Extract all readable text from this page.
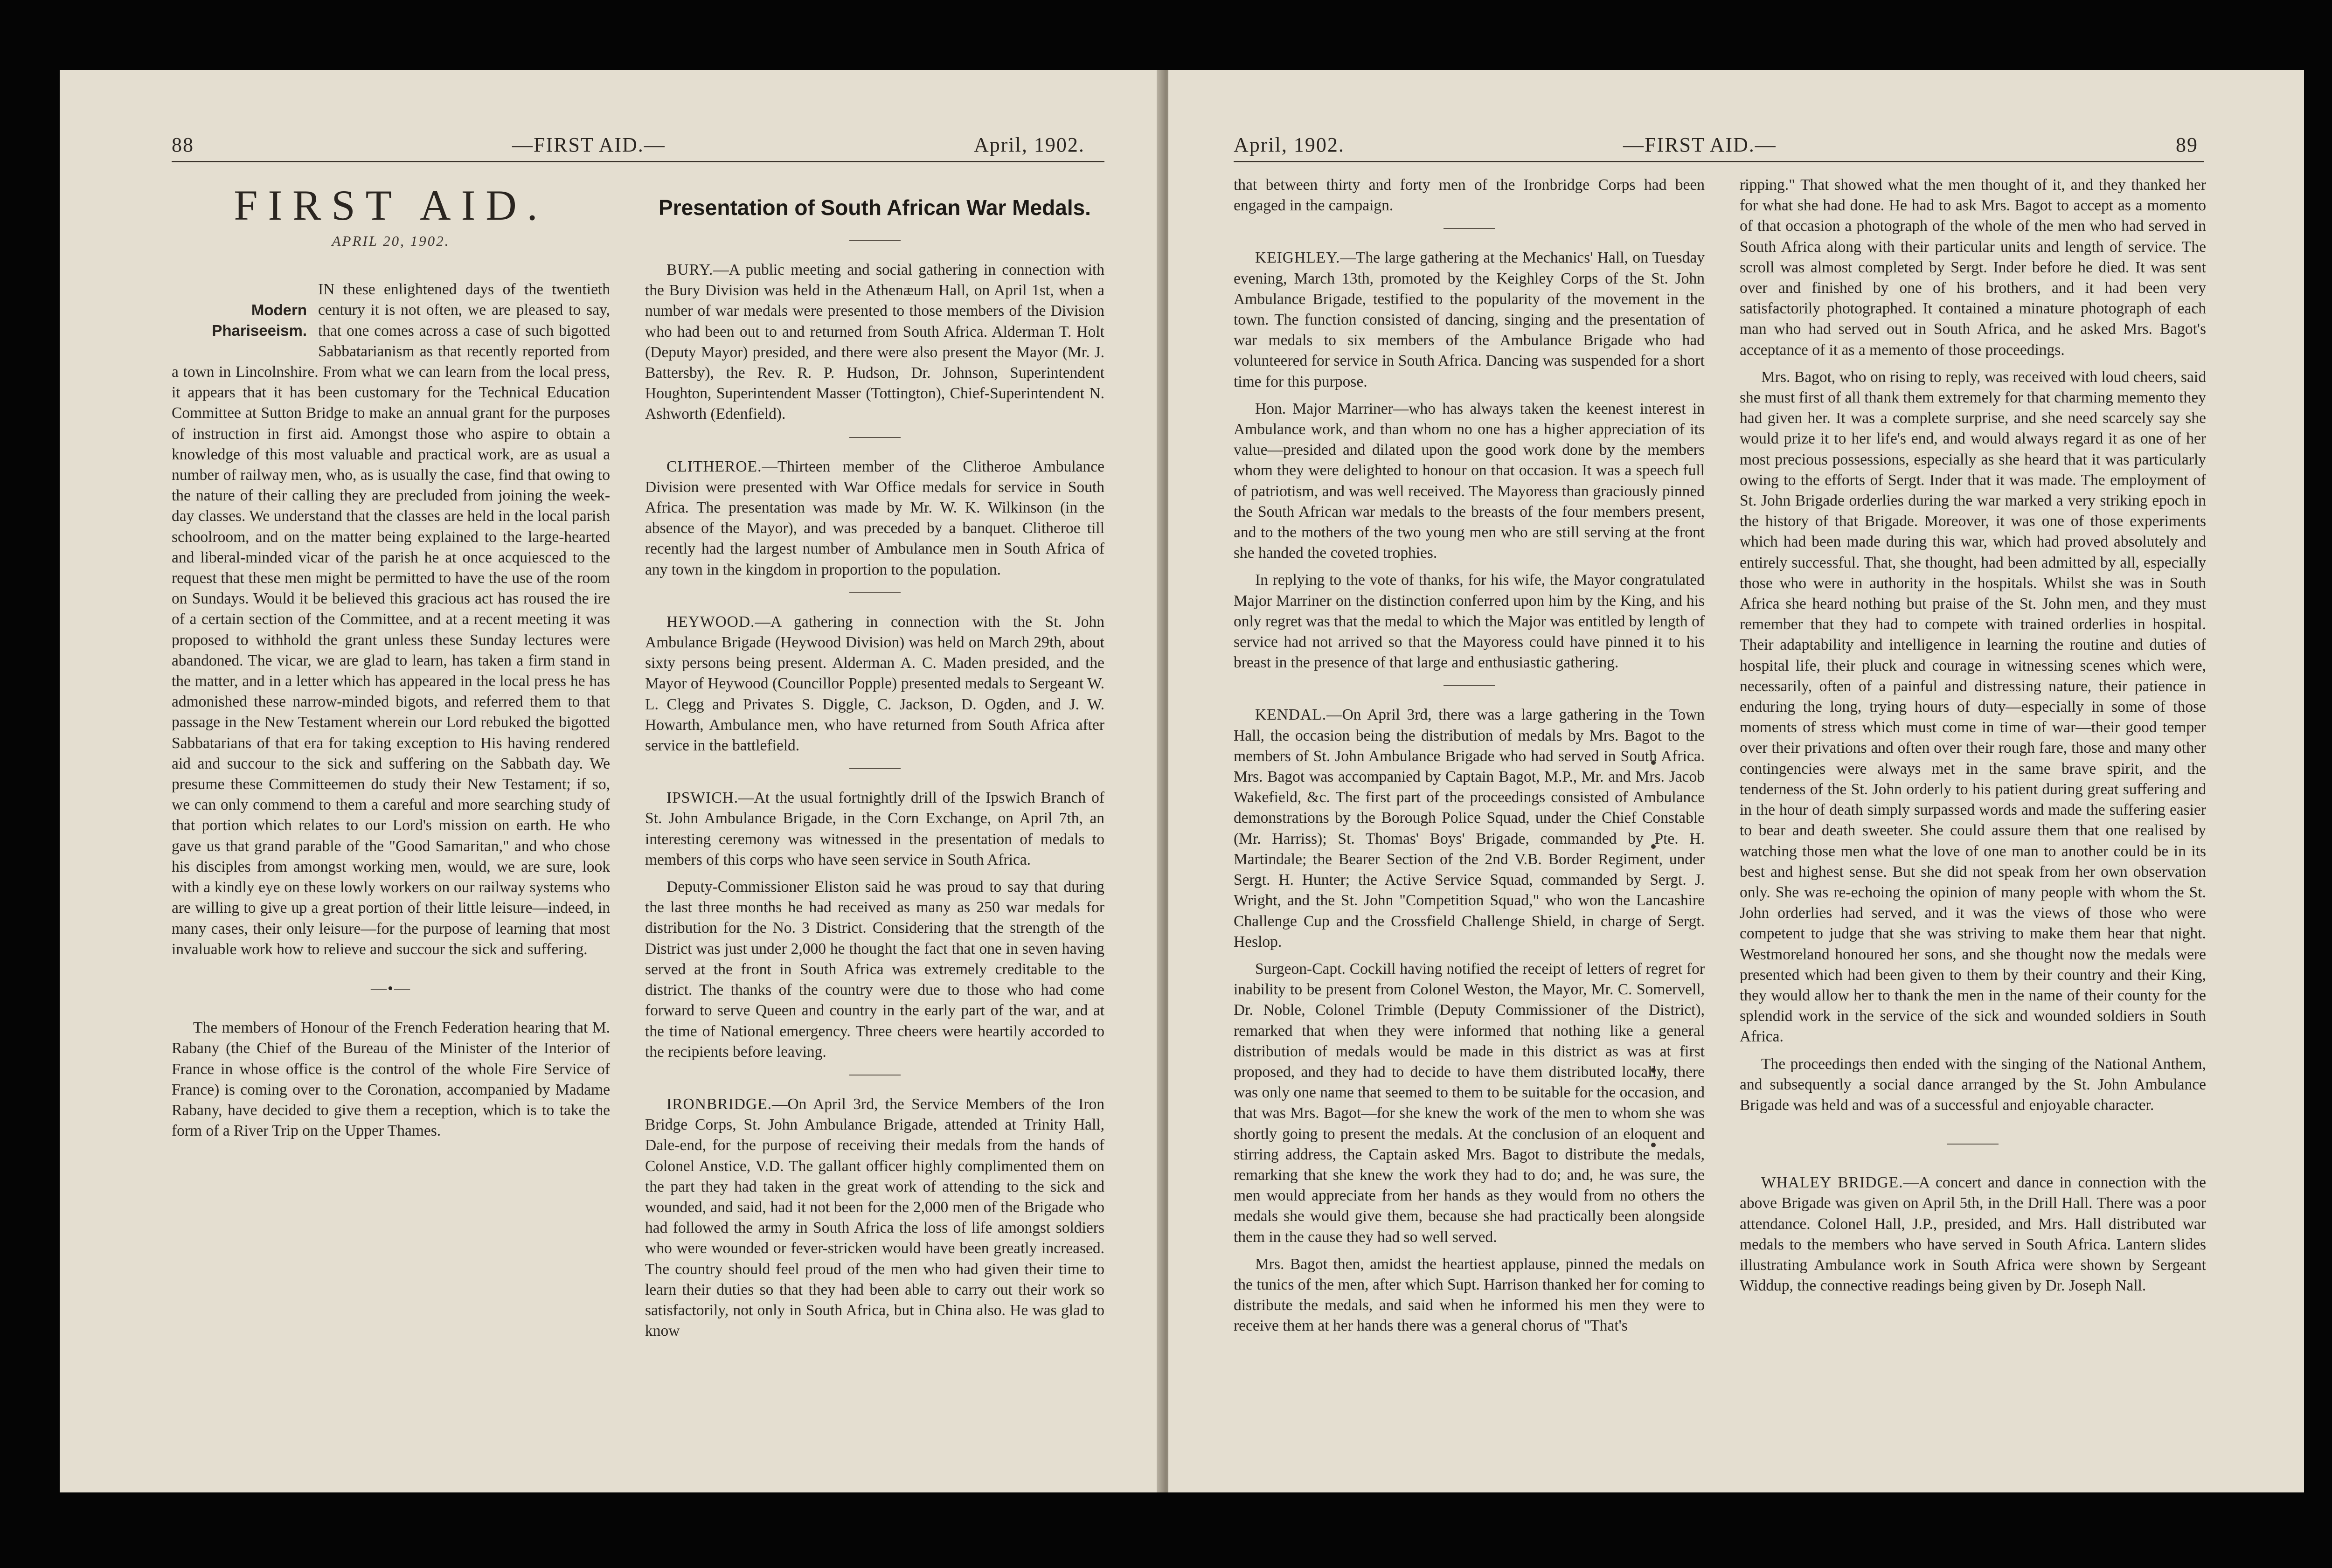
88	—FIRST AID.—	April, 1902.
FIRST AID.
APRIL 20, 1902.
Modern
Phariseeism.

IN these enlightened days of the twentieth century it is not often, we are pleased to say, that one comes across a case of such bigotted Sabbatarianism as that recently reported from a town in Lincolnshire. From what we can learn from the local press, it appears that it has been customary for the Technical Education Committee at Sutton Bridge to make an annual grant for the purposes of instruction in first aid. Amongst those who aspire to obtain a knowledge of this most valuable and practical work, are as usual a number of railway men, who, as is usually the case, find that owing to the nature of their calling they are precluded from joining the week-day classes. We understand that the classes are held in the local parish schoolroom, and on the matter being explained to the large-hearted and liberal-minded vicar of the parish he at once acquiesced to the request that these men might be permitted to have the use of the room on Sundays. Would it be believed this gracious act has roused the ire of a certain section of the Committee, and at a recent meeting it was proposed to withhold the grant unless these Sunday lectures were abandoned. The vicar, we are glad to learn, has taken a firm stand in the matter, and in a letter which has appeared in the local press he has admonished these narrow-minded bigots, and referred them to that passage in the New Testament wherein our Lord rebuked the bigotted Sabbatarians of that era for taking exception to His having rendered aid and succour to the sick and suffering on the Sabbath day. We presume these Committeemen do study their New Testament; if so, we can only commend to them a careful and more searching study of that portion which relates to our Lord's mission on earth. He who gave us that grand parable of the "Good Samaritan," and who chose his disciples from amongst working men, would, we are sure, look with a kindly eye on these lowly workers on our railway systems who are willing to give up a great portion of their little leisure—indeed, in many cases, their only leisure—for the purpose of learning that most invaluable work how to relieve and succour the sick and suffering.

—•—

The members of Honour of the French Federation hearing that M. Rabany (the Chief of the Bureau of the Minister of the Interior of France in whose office is the control of the whole Fire Service of France) is coming over to the Coronation, accompanied by Madame Rabany, have decided to give them a reception, which is to take the form of a River Trip on the Upper Thames.

Presentation of South African War Medals.

BURY.—A public meeting and social gathering in connection with the Bury Division was held in the Athenæum Hall, on April 1st, when a number of war medals were presented to those members of the Division who had been out to and returned from South Africa. Alderman T. Holt (Deputy Mayor) presided, and there were also present the Mayor (Mr. J. Battersby), the Rev. R. P. Hudson, Dr. Johnson, Superintendent Houghton, Superintendent Masser (Tottington), Chief-Superintendent N. Ashworth (Edenfield).

CLITHEROE.—Thirteen member of the Clitheroe Ambulance Division were presented with War Office medals for service in South Africa. The presentation was made by Mr. W. K. Wilkinson (in the absence of the Mayor), and was preceded by a banquet. Clitheroe till recently had the largest number of Ambulance men in South Africa of any town in the kingdom in proportion to the population.

HEYWOOD.—A gathering in connection with the St. John Ambulance Brigade (Heywood Division) was held on March 29th, about sixty persons being present. Alderman A. C. Maden presided, and the Mayor of Heywood (Councillor Popple) presented medals to Sergeant W. L. Clegg and Privates S. Diggle, C. Jackson, D. Ogden, and J. W. Howarth, Ambulance men, who have returned from South Africa after service in the battlefield.

IPSWICH.—At the usual fortnightly drill of the Ipswich Branch of St. John Ambulance Brigade, in the Corn Exchange, on April 7th, an interesting ceremony was witnessed in the presentation of medals to members of this corps who have seen service in South Africa.

Deputy-Commissioner Eliston said he was proud to say that during the last three months he had received as many as 250 war medals for distribution for the No. 3 District. Considering that the strength of the District was just under 2,000 he thought the fact that one in seven having served at the front in South Africa was extremely creditable to the district. The thanks of the country were due to those who had come forward to serve Queen and country in the early part of the war, and at the time of National emergency. Three cheers were heartily accorded to the recipients before leaving.

IRONBRIDGE.—On April 3rd, the Service Members of the Iron Bridge Corps, St. John Ambulance Brigade, attended at Trinity Hall, Dale-end, for the purpose of receiving their medals from the hands of Colonel Anstice, V.D. The gallant officer highly complimented them on the part they had taken in the great work of attending to the sick and wounded, and said, had it not been for the 2,000 men of the Brigade who had followed the army in South Africa the loss of life amongst soldiers who were wounded or fever-stricken would have been greatly increased. The country should feel proud of the men who had given their time to learn their duties so that they had been able to carry out their work so satisfactorily, not only in South Africa, but in China also. He was glad to know

April, 1902.	—FIRST AID.—	89

that between thirty and forty men of the Ironbridge Corps had been engaged in the campaign.

KEIGHLEY.—The large gathering at the Mechanics' Hall, on Tuesday evening, March 13th, promoted by the Keighley Corps of the St. John Ambulance Brigade, testified to the popularity of the movement in the town. The function consisted of dancing, singing and the presentation of war medals to six members of the Ambulance Brigade who had volunteered for service in South Africa. Dancing was suspended for a short time for this purpose.

Hon. Major Marriner—who has always taken the keenest interest in Ambulance work, and than whom no one has a higher appreciation of its value—presided and dilated upon the good work done by the members whom they were delighted to honour on that occasion. It was a speech full of patriotism, and was well received. The Mayoress than graciously pinned the South African war medals to the breasts of the four members present, and to the mothers of the two young men who are still serving at the front she handed the coveted trophies.

In replying to the vote of thanks, for his wife, the Mayor congratulated Major Marriner on the distinction conferred upon him by the King, and his only regret was that the medal to which the Major was entitled by length of service had not arrived so that the Mayoress could have pinned it to his breast in the presence of that large and enthusiastic gathering.

KENDAL.—On April 3rd, there was a large gathering in the Town Hall, the occasion being the distribution of medals by Mrs. Bagot to the members of St. John Ambulance Brigade who had served in South Africa. Mrs. Bagot was accompanied by Captain Bagot, M.P., Mr. and Mrs. Jacob Wakefield, &c. The first part of the proceedings consisted of Ambulance demonstrations by the Borough Police Squad, under the Chief Constable (Mr. Harriss); St. Thomas' Boys' Brigade, commanded by Pte. H. Martindale; the Bearer Section of the 2nd V.B. Border Regiment, under Sergt. H. Hunter; the Active Service Squad, commanded by Sergt. J. Wright, and the St. John "Competition Squad," who won the Lancashire Challenge Cup and the Crossfield Challenge Shield, in charge of Sergt. Heslop.

Surgeon-Capt. Cockill having notified the receipt of letters of regret for inability to be present from Colonel Weston, the Mayor, Mr. C. Somervell, Dr. Noble, Colonel Trimble (Deputy Commissioner of the District), remarked that when they were informed that nothing like a general distribution of medals would be made in this district as was at first proposed, and they had to decide to have them distributed locally, there was only one name that seemed to them to be suitable for the occasion, and that was Mrs. Bagot—for she knew the work of the men to whom she was shortly going to present the medals. At the conclusion of an eloquent and stirring address, the Captain asked Mrs. Bagot to distribute the medals, remarking that she knew the work they had to do; and, he was sure, the men would appreciate from her hands as they would from no others the medals she would give them, because she had practically been alongside them in the cause they had so well served.

Mrs. Bagot then, amidst the heartiest applause, pinned the medals on the tunics of the men, after which Supt. Harrison thanked her for coming to distribute the medals, and said when he informed his men they were to receive them at her hands there was a general chorus of "That's

ripping." That showed what the men thought of it, and they thanked her for what she had done. He had to ask Mrs. Bagot to accept as a momento of that occasion a photograph of the whole of the men who had served in South Africa along with their particular units and length of service. The scroll was almost completed by Sergt. Inder before he died. It was sent over and finished by one of his brothers, and it had been very satisfactorily photographed. It contained a minature photograph of each man who had served out in South Africa, and he asked Mrs. Bagot's acceptance of it as a memento of those proceedings.

Mrs. Bagot, who on rising to reply, was received with loud cheers, said she must first of all thank them extremely for that charming memento they had given her. It was a complete surprise, and she need scarcely say she would prize it to her life's end, and would always regard it as one of her most precious possessions, especially as she heard that it was particularly owing to the efforts of Sergt. Inder that it was made. The employment of St. John Brigade orderlies during the war marked a very striking epoch in the history of that Brigade. Moreover, it was one of those experiments which had been made during this war, which had proved absolutely and entirely successful. That, she thought, had been admitted by all, especially those who were in authority in the hospitals. Whilst she was in South Africa she heard nothing but praise of the St. John men, and they must remember that they had to compete with trained orderlies in hospital. Their adaptability and intelligence in learning the routine and duties of hospital life, their pluck and courage in witnessing scenes which were, necessarily, often of a painful and distressing nature, their patience in enduring the long, trying hours of duty—especially in some of those moments of stress which must come in time of war—their good temper over their privations and often over their rough fare, those and many other contingencies were always met in the same brave spirit, and the tenderness of the St. John orderly to his patient during great suffering and in the hour of death simply surpassed words and made the suffering easier to bear and death sweeter. She could assure them that one realised by watching those men what the love of one man to another could be in its best and highest sense. But she did not speak from her own observation only. She was re-echoing the opinion of many people with whom the St. John orderlies had served, and it was the views of those who were competent to judge that she was striving to make them hear that night. Westmoreland honoured her sons, and she thought now the medals were presented which had been given to them by their country and their King, they would allow her to thank the men in the name of their county for the splendid work in the service of the sick and wounded soldiers in South Africa.

The proceedings then ended with the singing of the National Anthem, and subsequently a social dance arranged by the St. John Ambulance Brigade was held and was of a successful and enjoyable character.

WHALEY BRIDGE.—A concert and dance in connection with the above Brigade was given on April 5th, in the Drill Hall. There was a poor attendance. Colonel Hall, J.P., presided, and Mrs. Hall distributed war medals to the members who have served in South Africa. Lantern slides illustrating Ambulance work in South Africa were shown by Sergeant Widdup, the connective readings being given by Dr. Joseph Nall.
